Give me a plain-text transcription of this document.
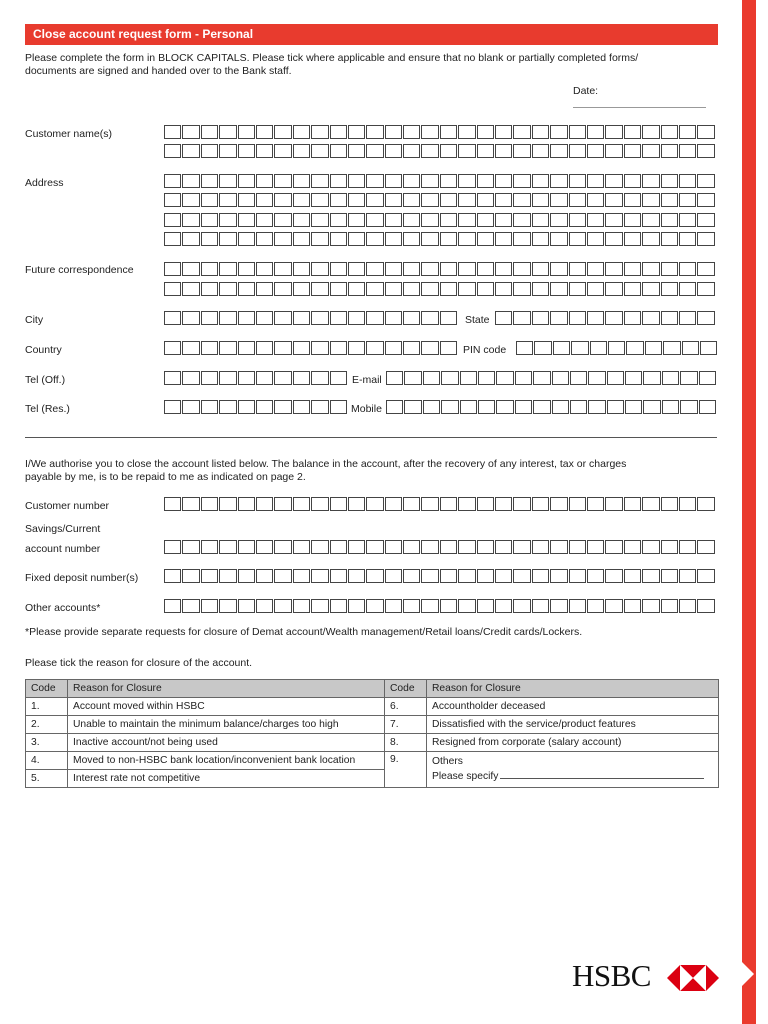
Close account request form - Personal
Please complete the form in BLOCK CAPITALS. Please tick where applicable and ensure that no blank or partially completed forms/
documents are signed and handed over to the Bank staff.
Date:
Customer name(s)
Address
Future correspondence
City	State
Country	PIN code
Tel (Off.)	E-mail
Tel (Res.)	Mobile
I/We authorise you to close the account listed below. The balance in the account, after the recovery of any interest, tax or charges
payable by me, is to be repaid to me as indicated on page 2.
Customer number
Savings/Current
account number
Fixed deposit number(s)
Other accounts*
*Please provide separate requests for closure of Demat account/Wealth management/Retail loans/Credit cards/Lockers.
Please tick the reason for closure of the account.
Code	Reason for Closure	Code	Reason for Closure
1.	Account moved within HSBC	6.	Accountholder deceased
2.	Unable to maintain the minimum balance/charges too high	7.	Dissatisfied with the service/product features
3.	Inactive account/not being used	8.	Resigned from corporate (salary account)
4.	Moved to non-HSBC bank location/inconvenient bank location	9.	Others
Please specify

5.	Interest rate not competitive		
HSBC
